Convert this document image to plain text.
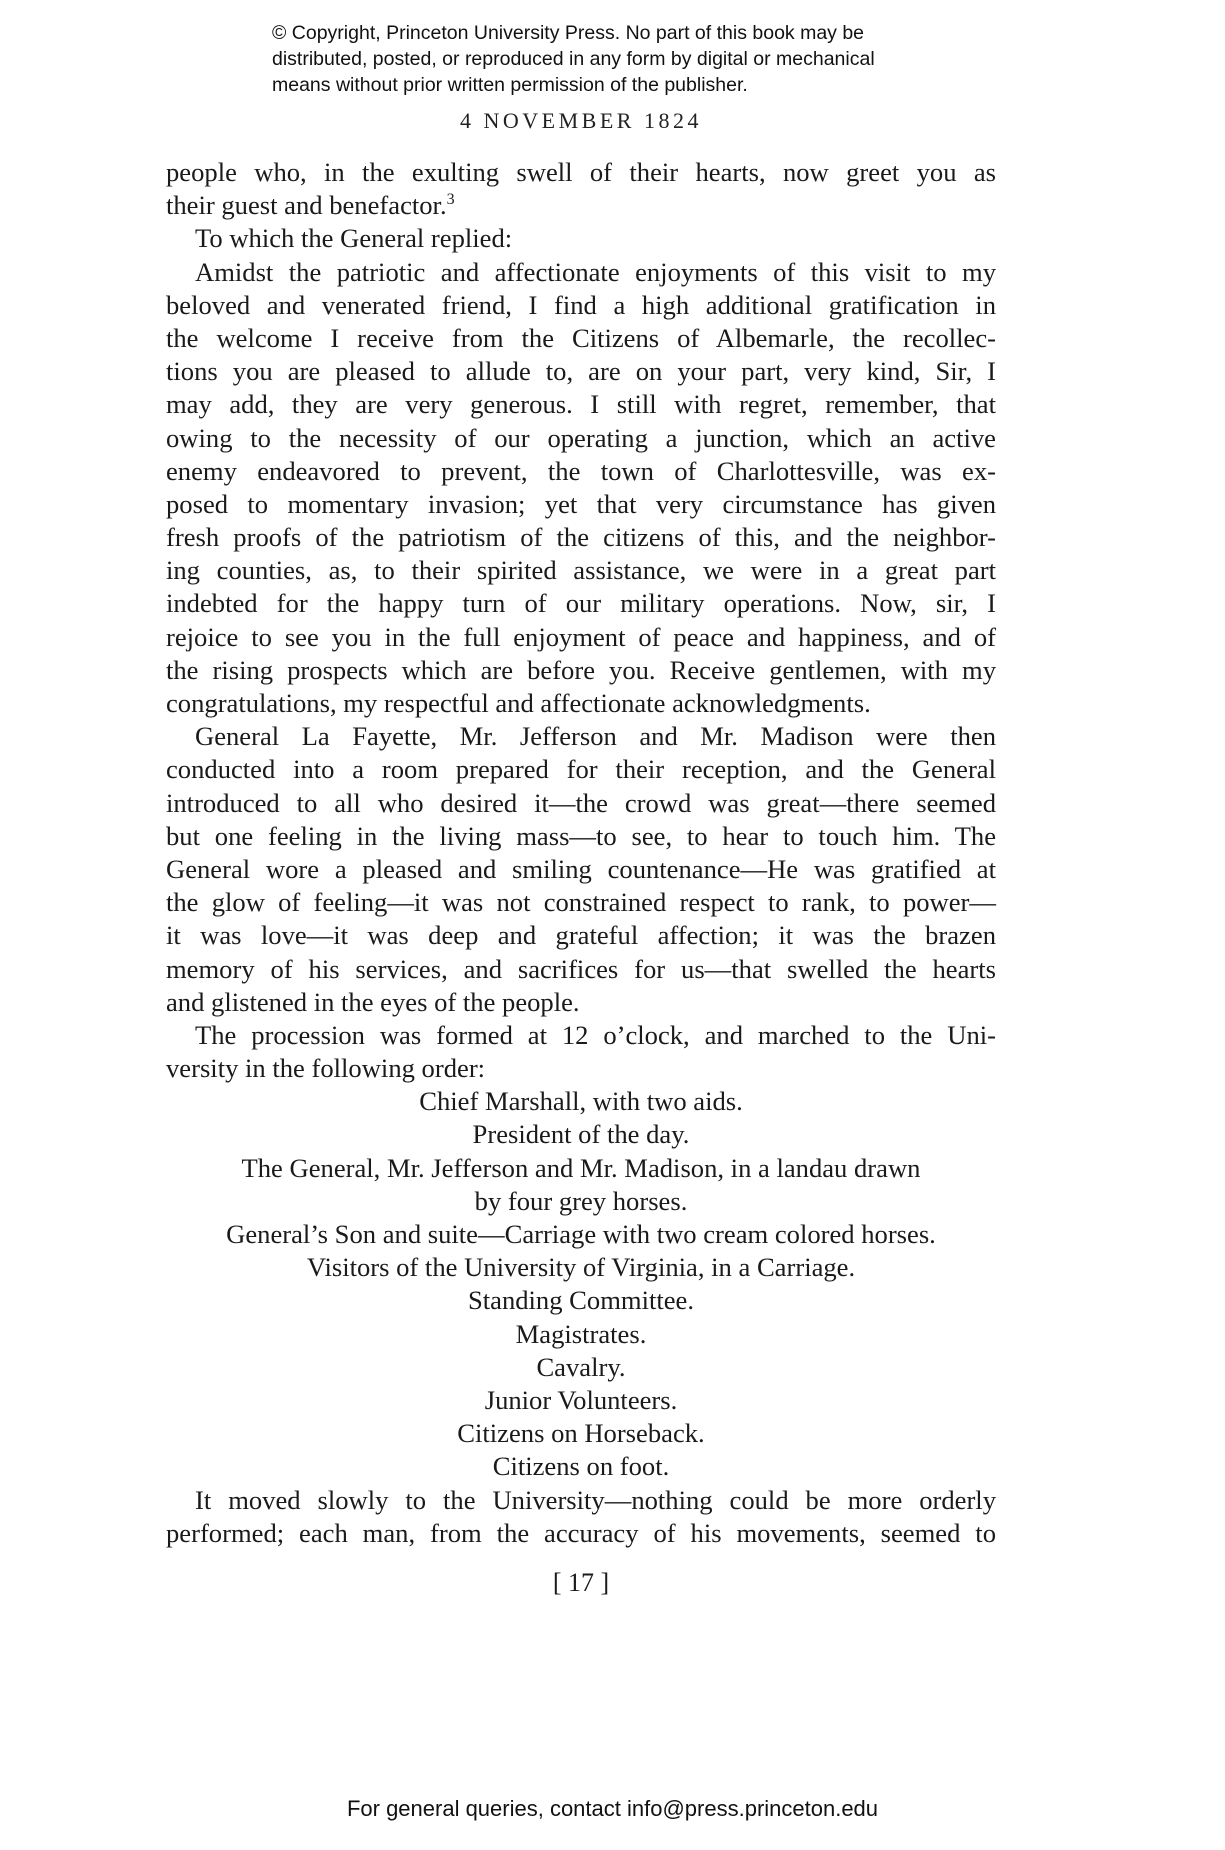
© Copyright, Princeton University Press. No part of this book may be
distributed, posted, or reproduced in any form by digital or mechanical
means without prior written permission of the publisher.
4 NOVEMBER 1824
people who, in the exulting swell of their hearts, now greet you as
their guest and benefactor.$^3$
To which the General replied:
Amidst the patriotic and affectionate enjoyments of this visit to my
beloved and venerated friend, I find a high additional gratification in
the welcome I receive from the Citizens of Albemarle, the recollec-
tions you are pleased to allude to, are on your part, very kind, Sir, I
may add, they are very generous. I still with regret, remember, that
owing to the necessity of our operating a junction, which an active
enemy endeavored to prevent, the town of Charlottesville, was ex-
posed to momentary invasion; yet that very circumstance has given
fresh proofs of the patriotism of the citizens of this, and the neighbor-
ing counties, as, to their spirited assistance, we were in a great part
indebted for the happy turn of our military operations. Now, sir, I
rejoice to see you in the full enjoyment of peace and happiness, and of
the rising prospects which are before you. Receive gentlemen, with my
congratulations, my respectful and affectionate acknowledgments.
General La Fayette, Mr. Jefferson and Mr. Madison were then
conducted into a room prepared for their reception, and the General
introduced to all who desired it—the crowd was great—there seemed
but one feeling in the living mass—to see, to hear to touch him. The
General wore a pleased and smiling countenance—He was gratified at
the glow of feeling—it was not constrained respect to rank, to power—
it was love—it was deep and grateful affection; it was the brazen
memory of his services, and sacrifices for us—that swelled the hearts
and glistened in the eyes of the people.
The procession was formed at 12 o’clock, and marched to the Uni-
versity in the following order:
Chief Marshall, with two aids.
President of the day.
The General, Mr. Jefferson and Mr. Madison, in a landau drawn
by four grey horses.
General’s Son and suite—Carriage with two cream colored horses.
Visitors of the University of Virginia, in a Carriage.
Standing Committee.
Magistrates.
Cavalry.
Junior Volunteers.
Citizens on Horseback.
Citizens on foot.
It moved slowly to the University—nothing could be more orderly
performed; each man, from the accuracy of his movements, seemed to
[ 17 ]
For general queries, contact info@press.princeton.edu
